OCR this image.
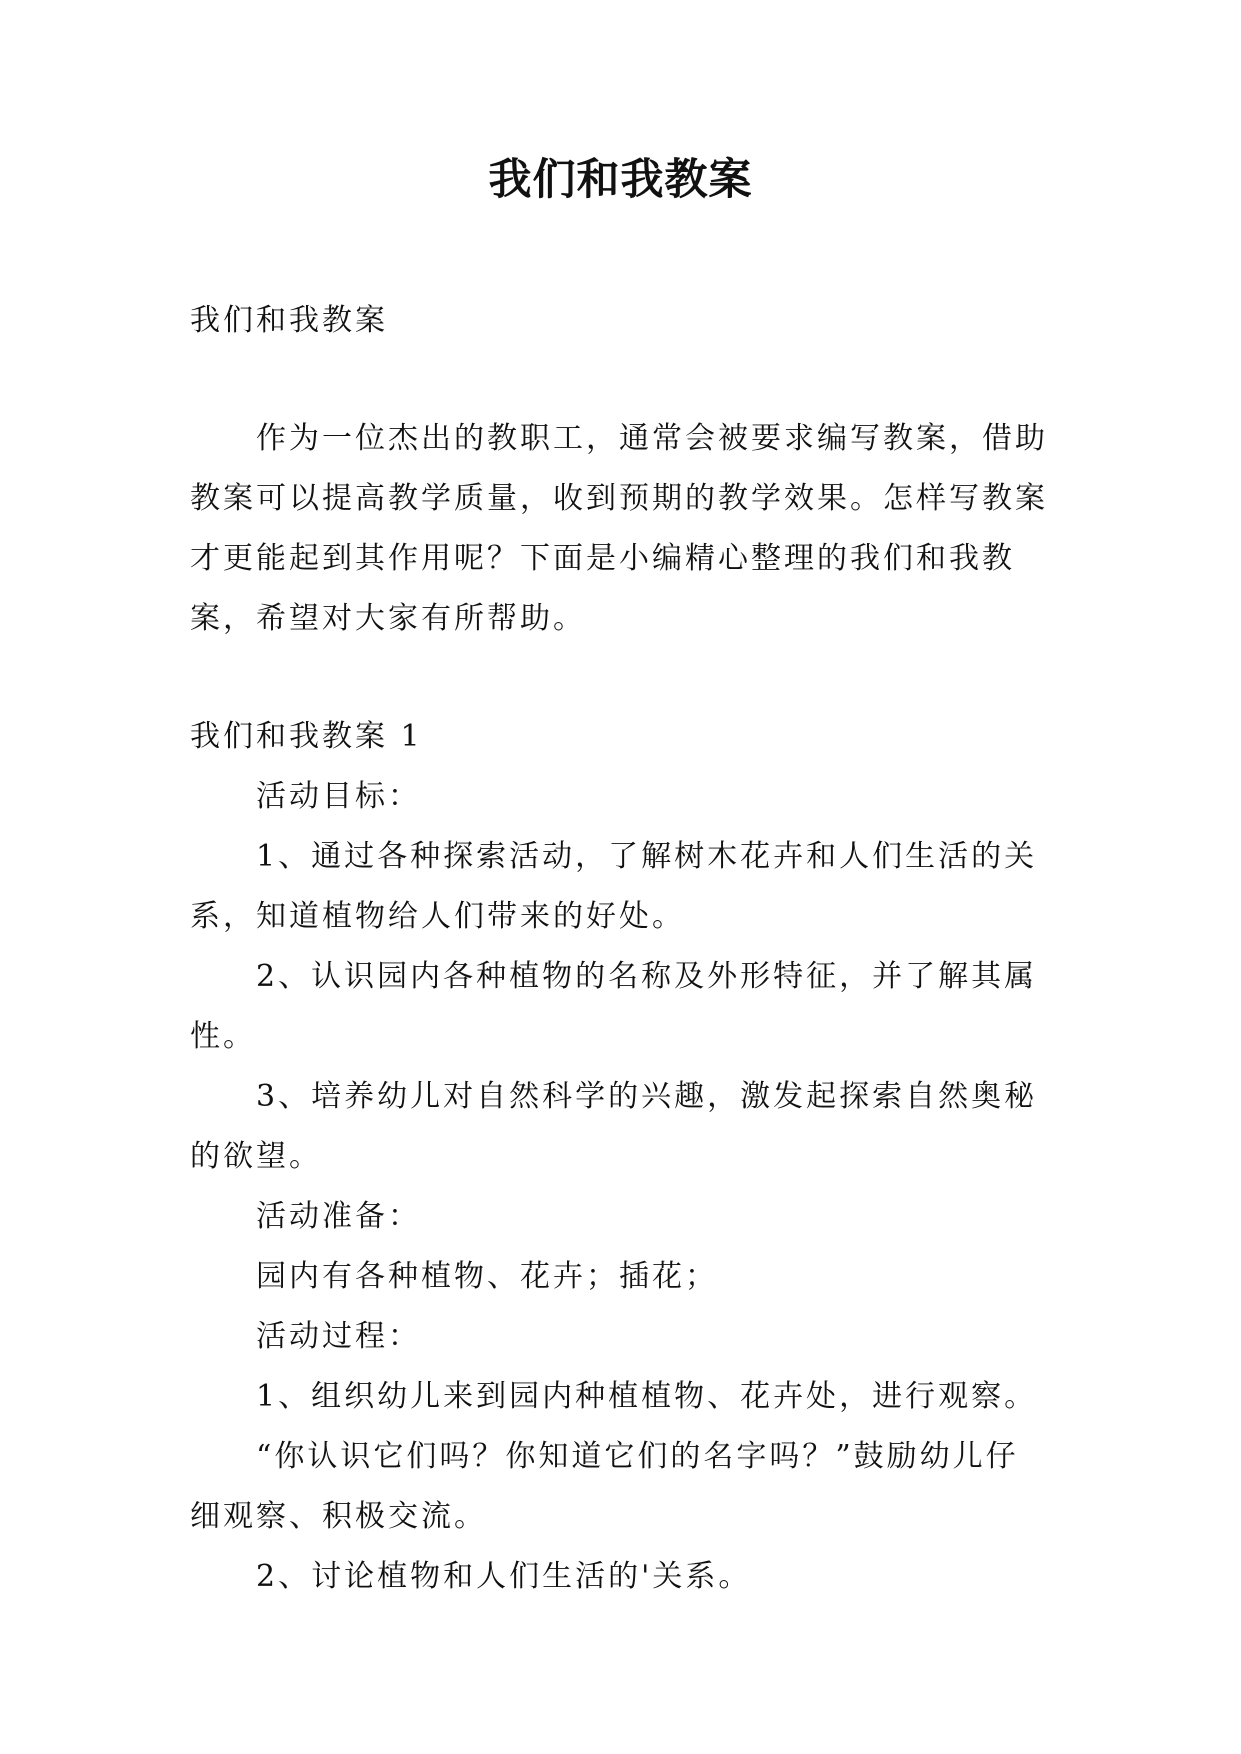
我们和我教案

我们和我教案

作为一位杰出的教职工，通常会被要求编写教案，借助教案可以提高教学质量，收到预期的教学效果。怎样写教案才更能起到其作用呢？下面是小编精心整理的我们和我教案，希望对大家有所帮助。

我们和我教案 1

活动目标：

1、通过各种探索活动，了解树木花卉和人们生活的关系，知道植物给人们带来的好处。

2、认识园内各种植物的名称及外形特征，并了解其属性。

3、培养幼儿对自然科学的兴趣，激发起探索自然奥秘的欲望。

活动准备：

园内有各种植物、花卉；插花；

活动过程：

1、组织幼儿来到园内种植植物、花卉处，进行观察。

“你认识它们吗？你知道它们的名字吗？”鼓励幼儿仔细观察、积极交流。

2、讨论植物和人们生活的'关系。
